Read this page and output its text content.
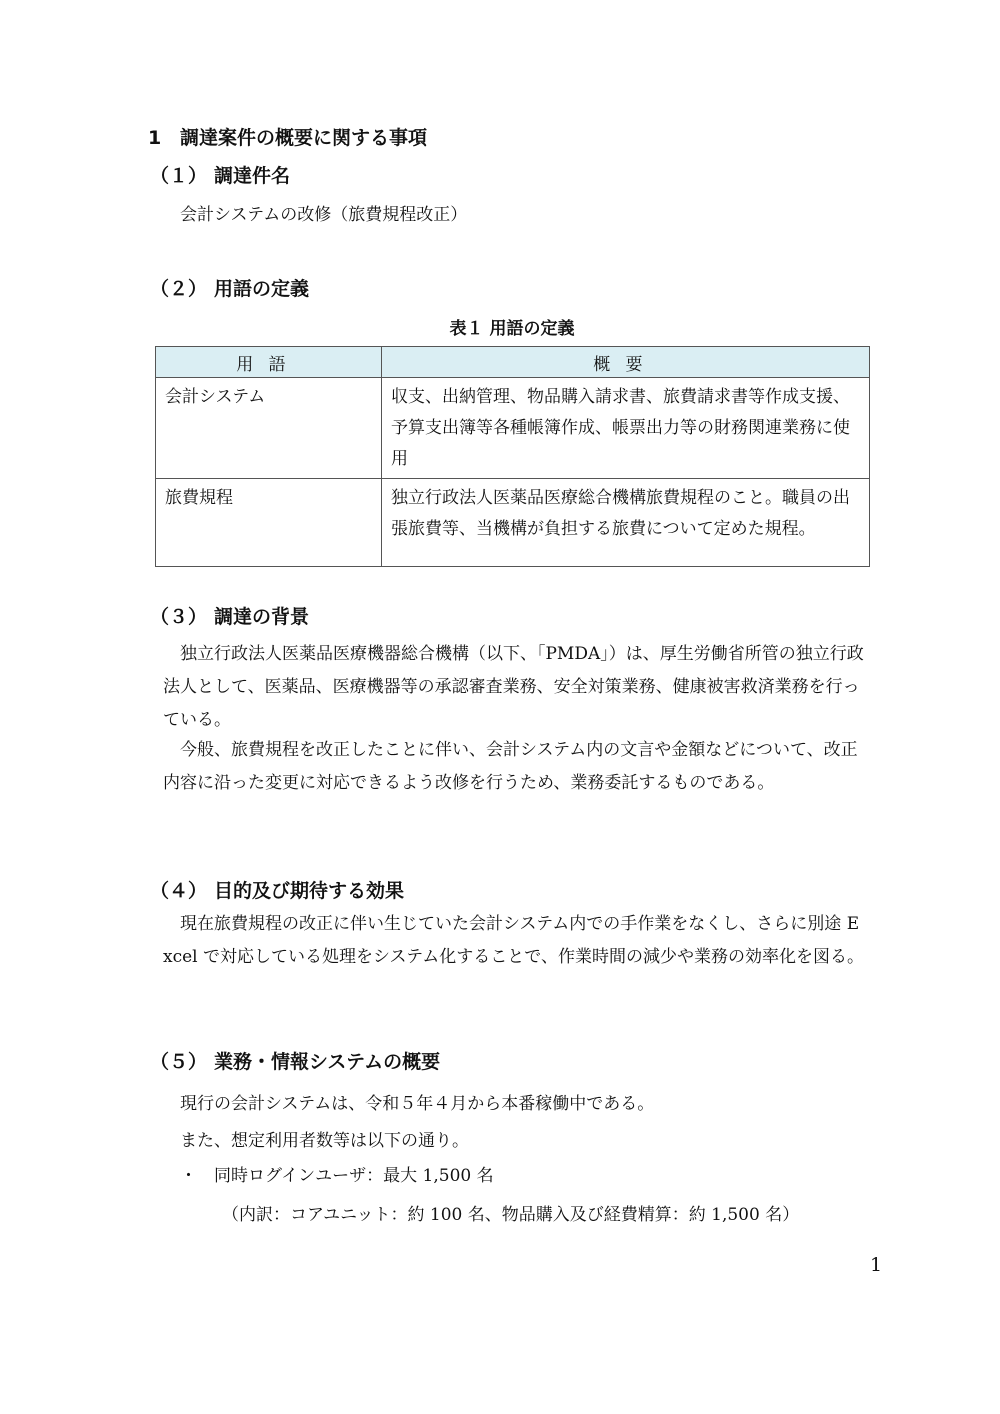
1 調達案件の概要に関する事項
（１） 調達件名
会計システムの改修（旅費規程改正）
（２） 用語の定義
表１ 用語の定義
用語	概要
会計システム	収支、出納管理、物品購入請求書、旅費請求書等作成支援、予算支出簿等各種帳簿作成、帳票出力等の財務関連業務に使用
旅費規程	独立行政法人医薬品医療総合機構旅費規程のこと。職員の出張旅費等、当機構が負担する旅費について定めた規程。
（３） 調達の背景
独立行政法人医薬品医療機器総合機構（以下、「PMDA」）は、厚生労働省所管の独立行政法人として、医薬品、医療機器等の承認審査業務、安全対策業務、健康被害救済業務を行っている。
今般、旅費規程を改正したことに伴い、会計システム内の文言や金額などについて、改正内容に沿った変更に対応できるよう改修を行うため、業務委託するものである。
（４） 目的及び期待する効果
現在旅費規程の改正に伴い生じていた会計システム内での手作業をなくし、さらに別途 Excel で対応している処理をシステム化することで、作業時間の減少や業務の効率化を図る。
（５） 業務・情報システムの概要
現行の会計システムは、令和５年４月から本番稼働中である。
また、想定利用者数等は以下の通り。
・ 同時ログインユーザ：最大 1,500 名
（内訳：コアユニット：約 100 名、物品購入及び経費精算：約 1,500 名）
1
